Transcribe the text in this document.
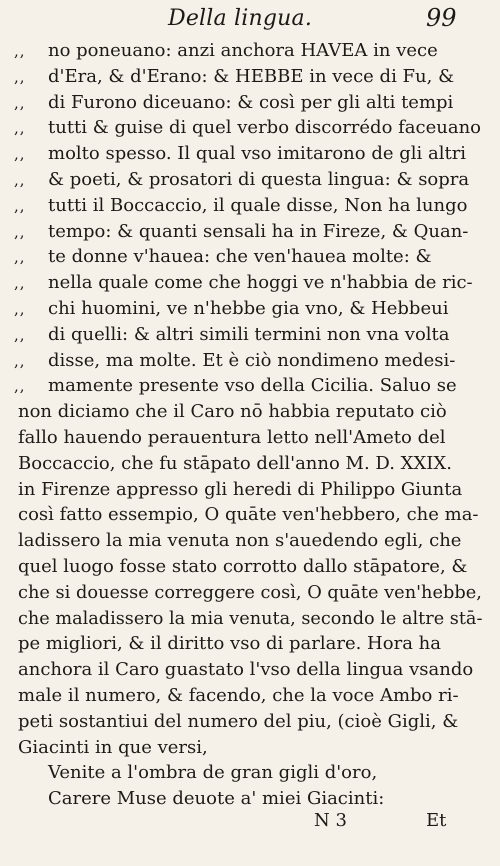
Della lingua.	99
,,	no poneuano: anzi anchora HAVEA in vece
,,	d'Era, & d'Erano: & HEBBE in vece di Fu, &
,,	di Furono diceuano: & così per gli alti tempi
,,	tutti & guise di quel verbo discorrédo faceuano
,,	molto spesso. Il qual vso imitarono de gli altri
,,	& poeti, & prosatori di questa lingua: & sopra
,,	tutti il Boccaccio, il quale disse, Non ha lungo
,,	tempo: & quanti sensali ha in Fireze, & Quan-
,,	te donne v'hauea: che ven'hauea molte: &
,,	nella quale come che hoggi ve n'habbia de ric-
,,	chi huomini, ve n'hebbe gia vno, & Hebbeui
,,	di quelli: & altri simili termini non vna volta
,,	disse, ma molte. Et è ciò nondimeno medesi-
,,	mamente presente vso della Cicilia. Saluo se
non diciamo che il Caro nō habbia reputato ciò
fallo hauendo perauentura letto nell'Ameto del
Boccaccio, che fu stāpato dell'anno M. D. XXIX.
in Firenze appresso gli heredi di Philippo Giunta
così fatto essempio, O quāte ven'hebbero, che ma-
ladissero la mia venuta non s'auedendo egli, che
quel luogo fosse stato corrotto dallo stāpatore, &
che si douesse correggere così, O quāte ven'hebbe,
che maladissero la mia venuta, secondo le altre stā-
pe migliori, & il diritto vso di parlare. Hora ha
anchora il Caro guastato l'vso della lingua vsando
male il numero, & facendo, che la voce Ambo ri-
peti sostantiui del numero del piu, (cioè Gigli, &
Giacinti in que versi,
Venite a l'ombra de gran gigli d'oro,
Carere Muse deuote a' miei Giacinti:
N 3	Et
